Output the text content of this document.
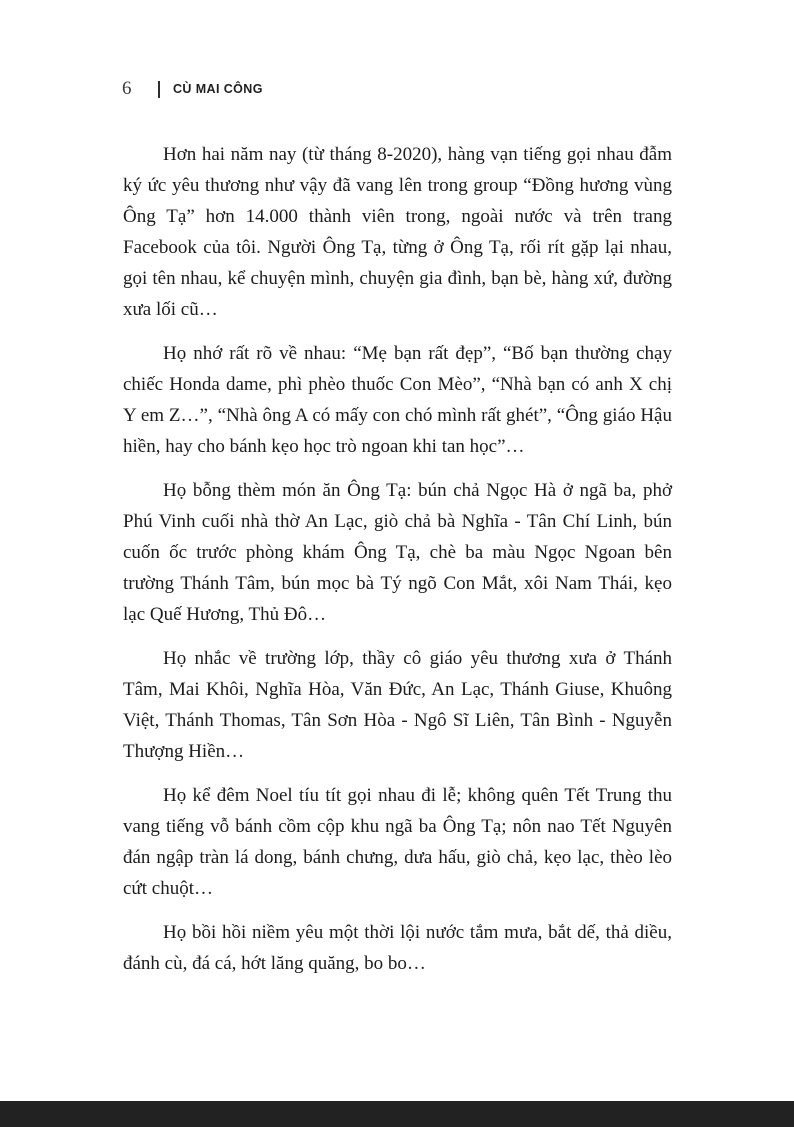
6	CÙ MAI CÔNG

Hơn hai năm nay (từ tháng 8-2020), hàng vạn tiếng gọi nhau đẫm ký ức yêu thương như vậy đã vang lên trong group “Đồng hương vùng Ông Tạ” hơn 14.000 thành viên trong, ngoài nước và trên trang Facebook của tôi. Người Ông Tạ, từng ở Ông Tạ, rối rít gặp lại nhau, gọi tên nhau, kể chuyện mình, chuyện gia đình, bạn bè, hàng xứ, đường xưa lối cũ…

Họ nhớ rất rõ về nhau: “Mẹ bạn rất đẹp”, “Bố bạn thường chạy chiếc Honda dame, phì phèo thuốc Con Mèo”, “Nhà bạn có anh X chị Y em Z…”, “Nhà ông A có mấy con chó mình rất ghét”, “Ông giáo Hậu hiền, hay cho bánh kẹo học trò ngoan khi tan học”…

Họ bỗng thèm món ăn Ông Tạ: bún chả Ngọc Hà ở ngã ba, phở Phú Vinh cuối nhà thờ An Lạc, giò chả bà Nghĩa - Tân Chí Linh, bún cuốn ốc trước phòng khám Ông Tạ, chè ba màu Ngọc Ngoan bên trường Thánh Tâm, bún mọc bà Tý ngõ Con Mắt, xôi Nam Thái, kẹo lạc Quế Hương, Thủ Đô…

Họ nhắc về trường lớp, thầy cô giáo yêu thương xưa ở Thánh Tâm, Mai Khôi, Nghĩa Hòa, Văn Đức, An Lạc, Thánh Giuse, Khuông Việt, Thánh Thomas, Tân Sơn Hòa - Ngô Sĩ Liên, Tân Bình - Nguyễn Thượng Hiền…

Họ kể đêm Noel tíu tít gọi nhau đi lễ; không quên Tết Trung thu vang tiếng vỗ bánh cồm cộp khu ngã ba Ông Tạ; nôn nao Tết Nguyên đán ngập tràn lá dong, bánh chưng, dưa hấu, giò chả, kẹo lạc, thèo lèo cứt chuột…

Họ bồi hồi niềm yêu một thời lội nước tắm mưa, bắt dế, thả diều, đánh cù, đá cá, hớt lăng quăng, bo bo…
